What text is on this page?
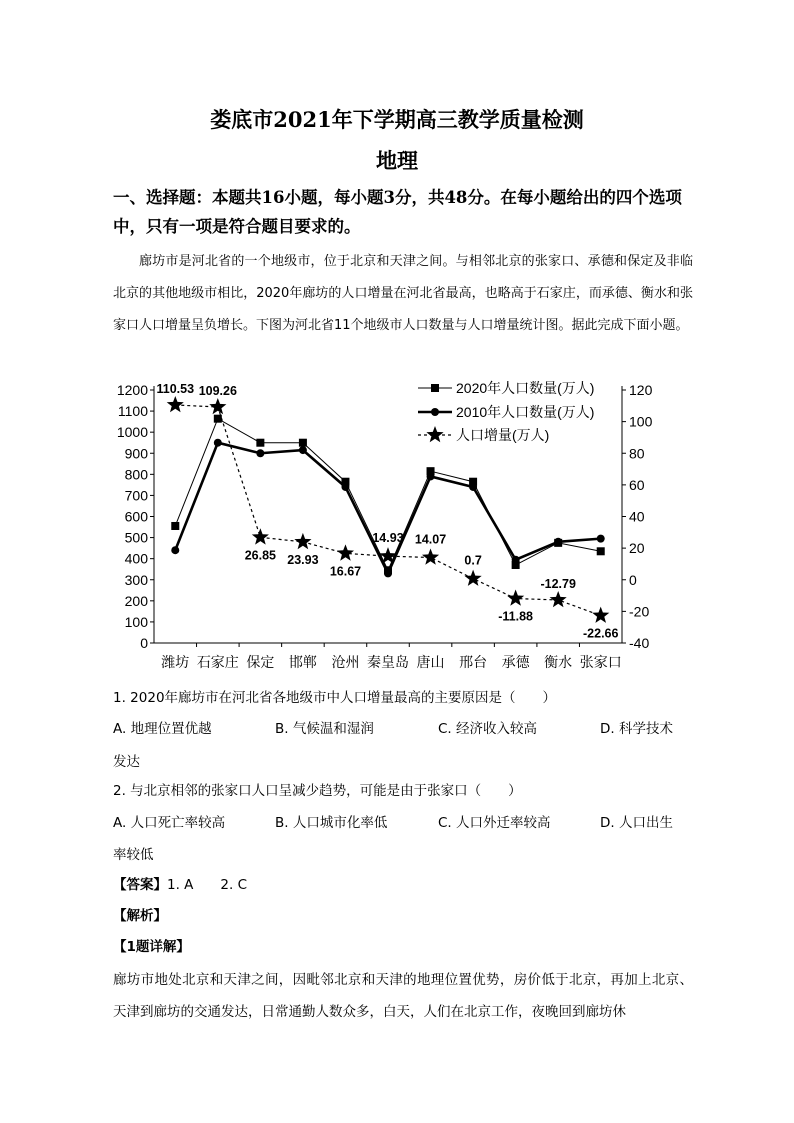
娄底市2021年下学期高三教学质量检测
地理
一、选择题：本题共16小题，每小题3分，共48分。在每小题给出的四个选项中，只有一项是符合题目要求的。
廊坊市是河北省的一个地级市，位于北京和天津之间。与相邻北京的张家口、承德和保定及非临北京的其他地级市相比，2020年廊坊的人口增量在河北省最高，也略高于石家庄，而承德、衡水和张家口人口增量呈负增长。下图为河北省11个地级市人口数量与人口增量统计图。据此完成下面小题。
0
100
200
300
400
500
600
700
800
900
1000
1100
1200
-40
-20
0
20
40
60
80
100
120
潍坊 石家庄 保定 邯郸 沧州 秦皇岛 唐山 邢台 承德 衡水 张家口
110.53 109.26
26.85 23.93
16.67
14.93 14.07
0.7
-11.88
-12.79
-22.66
2020年人口数量(万人)
2010年人口数量(万人)
人口增量(万人)
1. 2020年廊坊市在河北省各地级市中人口增量最高的主要原因是（　　）
A. 地理位置优越	B. 气候温和湿润	C. 经济收入较高	D. 科学技术
发达
2. 与北京相邻的张家口人口呈减少趋势，可能是由于张家口（　　）
A. 人口死亡率较高	B. 人口城市化率低	C. 人口外迁率较高	D. 人口出生
率较低
【答案】1. A　　2. C
【解析】
【1题详解】
廊坊市地处北京和天津之间，因毗邻北京和天津的地理位置优势，房价低于北京，再加上北京、天津到廊坊的交通发达，日常通勤人数众多，白天，人们在北京工作，夜晚回到廊坊休
